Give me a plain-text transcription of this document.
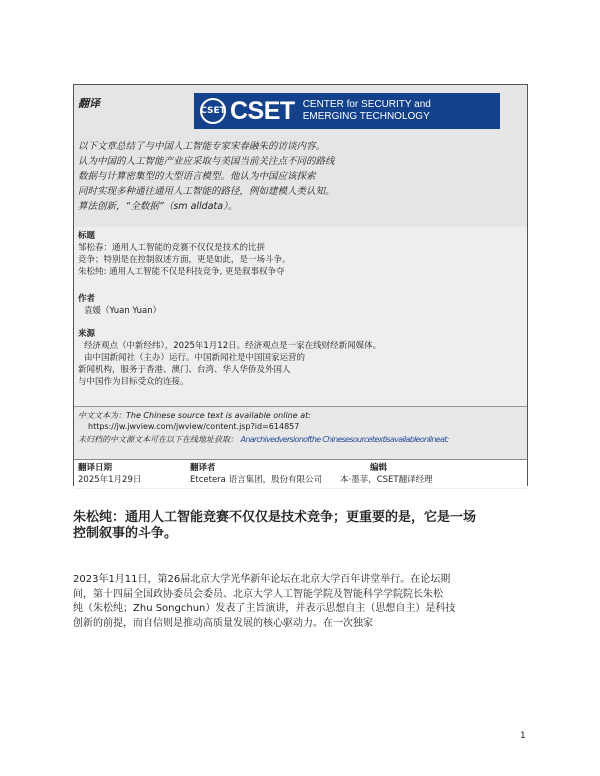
翻译
CSET CSET CENTER for SECURITY and
EMERGING TECHNOLOGY
以下文章总结了与中国人工智能专家宋春融朱的访谈内容。
认为中国的人工智能产业应采取与美国当前关注点不同的路线
数据与计算密集型的大型语言模型。他认为中国应该探索
同时实现多种通往通用人工智能的路径，例如建模人类认知。
算法创新，“全数据”（sm alldata）。
标题
邹松春：通用人工智能的竞赛不仅仅是技术的比拼
竞争；特别是在控制叙述方面，更是如此，是一场斗争。
朱松纯: 通用人工智能不仅是科技竞争, 更是叙事权争夺
作者
袁媛（Yuan Yuan）
来源
经济观点（中新经纬），2025年1月12日。经济观点是一家在线财经新闻媒体。
由中国新闻社（主办）运行。中国新闻社是中国国家运营的
新闻机构，服务于香港、澳门、台湾、华人华侨及外国人
与中国作为目标受众的连接。
中文文本为：The Chinese source text is available online at:
https://jw.jwview.com/jwview/content.jsp?id=614857
未归档的中文源文本可在以下在线地址获取： Anarchivedversionofthe Chinesesourcetextisavailableonlineat:
翻译日期
2025年1月29日
翻译者
Etcetera 语言集团，股份有限公司
编辑
本·墨菲，CSET翻译经理
朱松纯：通用人工智能竞赛不仅仅是技术竞争；更重要的是，它是一场
控制叙事的斗争。
2023年1月11日，第26届北京大学光华新年论坛在北京大学百年讲堂举行。在论坛期
间，第十四届全国政协委员会委员、北京大学人工智能学院及智能科学学院院长朱松
纯（朱松纯；Zhu Songchun）发表了主旨演讲，并表示思想自主（思想自主）是科技
创新的前提，而自信则是推动高质量发展的核心驱动力。在一次独家
1
